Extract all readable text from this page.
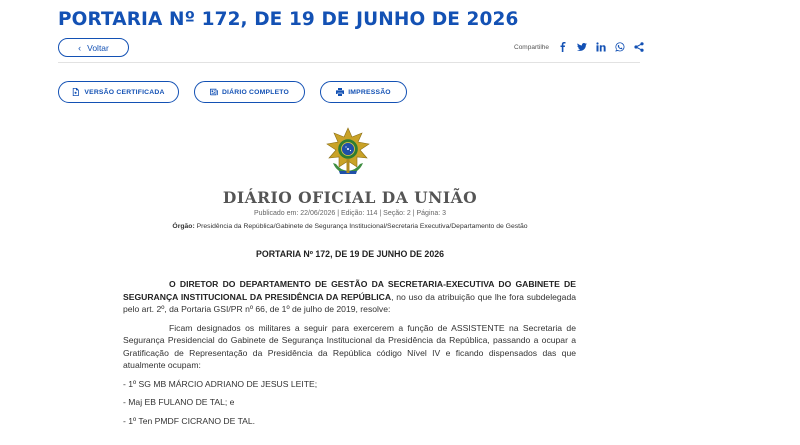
PORTARIA Nº 172, DE 19 DE JUNHO DE 2026
‹ Voltar	Compartilhe
VERSÃO CERTIFICADA	DIÁRIO COMPLETO	IMPRESSÃO
DIÁRIO OFICIAL DA UNIÃO
Publicado em: 22/06/2026 | Edição: 114 | Seção: 2 | Página: 3
Órgão: Presidência da República/Gabinete de Segurança Institucional/Secretaria Executiva/Departamento de Gestão
PORTARIA Nº 172, DE 19 DE JUNHO DE 2026

O DIRETOR DO DEPARTAMENTO DE GESTÃO DA SECRETARIA-EXECUTIVA DO GABINETE DE SEGURANÇA INSTITUCIONAL DA PRESIDÊNCIA DA REPÚBLICA, no uso da atribuição que lhe fora subdelegada pelo art. 2º, da Portaria GSI/PR nº 66, de 1º de julho de 2019, resolve:

Ficam designados os militares a seguir para exercerem a função de ASSISTENTE na Secretaria de Segurança Presidencial do Gabinete de Segurança Institucional da Presidência da República, passando a ocupar a Gratificação de Representação da Presidência da República código Nível IV e ficando dispensados das que atualmente ocupam:

- 1º SG MB MÁRCIO ADRIANO DE JESUS LEITE;

- Maj EB FULANO DE TAL; e

- 1º Ten PMDF CICRANO DE TAL.
